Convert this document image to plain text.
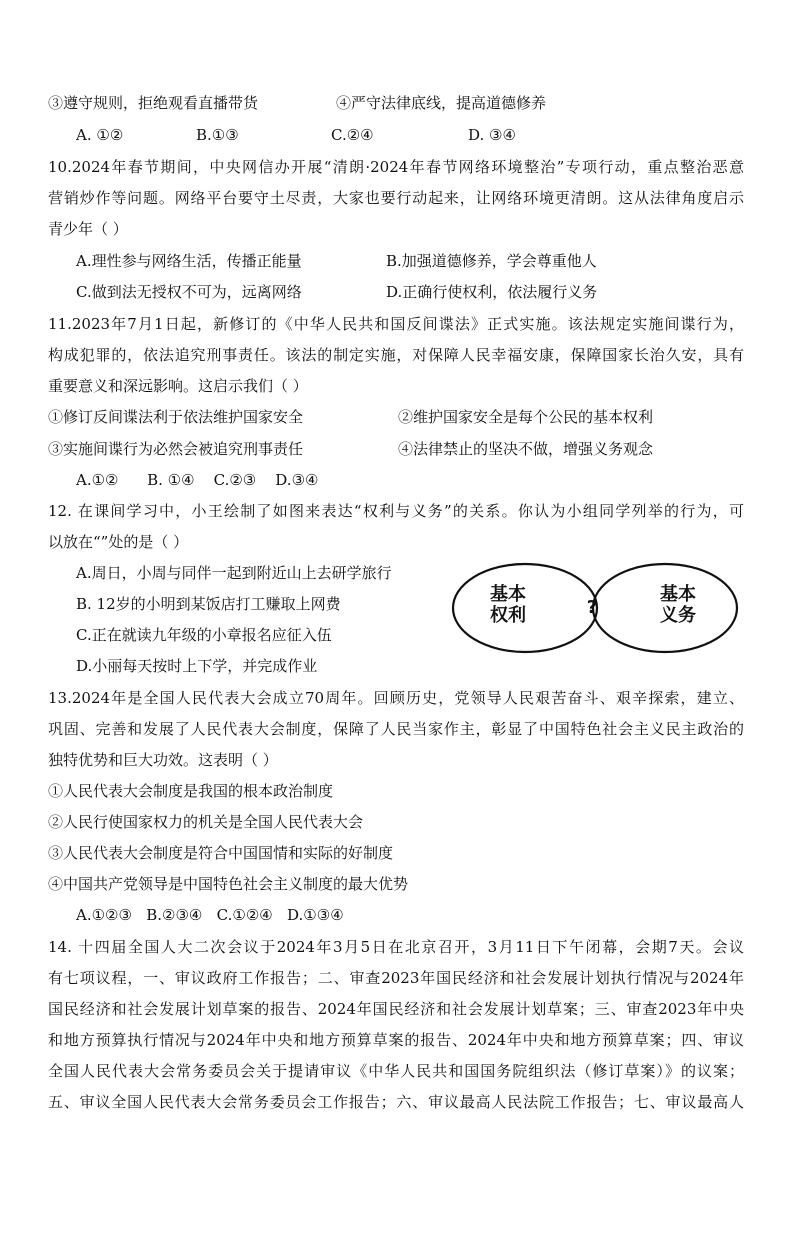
③遵守规则，拒绝观看直播带货	④严守法律底线，提高道德修养
A. ①②	B.①③	C.②④	D. ③④
10.2024年春节期间，中央网信办开展“清朗·2024年春节网络环境整治”专项行动，重点整治恶意
营销炒作等问题。网络平台要守土尽责，大家也要行动起来，让网络环境更清朗。这从法律角度启示
青少年（ ）
A.理性参与网络生活，传播正能量	B.加强道德修养，学会尊重他人
C.做到法无授权不可为，远离网络	D.正确行使权利，依法履行义务
11.2023年7月1日起，新修订的《中华人民共和国反间谍法》正式实施。该法规定实施间谍行为，
构成犯罪的，依法追究刑事责任。该法的制定实施，对保障人民幸福安康，保障国家长治久安，具有
重要意义和深远影响。这启示我们（ ）
①修订反间谍法利于依法维护国家安全	②维护国家安全是每个公民的基本权利
③实施间谍行为必然会被追究刑事责任	④法律禁止的坚决不做，增强义务观念
A.①②      B. ①④    C.②③    D.③④
12. 在课间学习中，小王绘制了如图来表达“权利与义务”的关系。你认为小组同学列举的行为，可
以放在“”处的是（ ）
A.周日，小周与同伴一起到附近山上去研学旅行
B. 12岁的小明到某饭店打工赚取上网费
C.正在就读九年级的小章报名应征入伍
D.小丽每天按时上下学，并完成作业
基本
权利	?
基本
义务
13.2024年是全国人民代表大会成立70周年。回顾历史，党领导人民艰苦奋斗、艰辛探索，建立、
巩固、完善和发展了人民代表大会制度，保障了人民当家作主，彰显了中国特色社会主义民主政治的
独特优势和巨大功效。这表明（ ）
①人民代表大会制度是我国的根本政治制度
②人民行使国家权力的机关是全国人民代表大会
③人民代表大会制度是符合中国国情和实际的好制度
④中国共产党领导是中国特色社会主义制度的最大优势
A.①②③   B.②③④   C.①②④   D.①③④
14. 十四届全国人大二次会议于2024年3月5日在北京召开，3月11日下午闭幕，会期7天。会议
有七项议程，一、审议政府工作报告；二、审查2023年国民经济和社会发展计划执行情况与2024年
国民经济和社会发展计划草案的报告、2024年国民经济和社会发展计划草案；三、审查2023年中央
和地方预算执行情况与2024年中央和地方预算草案的报告、2024年中央和地方预算草案；四、审议
全国人民代表大会常务委员会关于提请审议《中华人民共和国国务院组织法（修订草案）》的议案；
五、审议全国人民代表大会常务委员会工作报告；六、审议最高人民法院工作报告；七、审议最高人
